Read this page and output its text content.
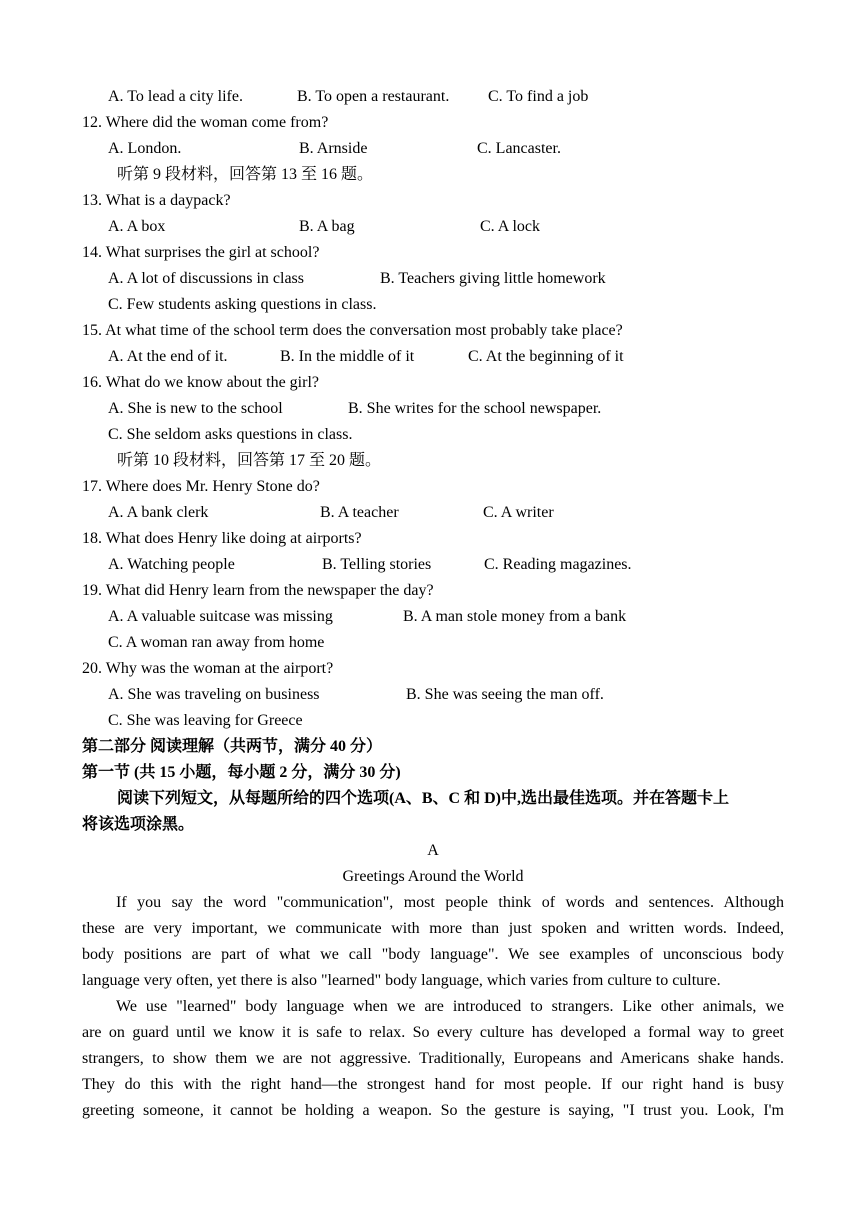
A. To lead a city life.	B. To open a restaurant. C. To find a job
12. Where did the woman come from?
A. London.	B. Arnside	C. Lancaster.
听第 9 段材料，回答第 13 至 16 题。
13. What is a daypack?
A. A box	B. A bag	C. A lock
14. What surprises the girl at school?
A. A lot of discussions in class	B. Teachers giving little homework
C. Few students asking questions in class.
15. At what time of the school term does the conversation most probably take place?
A. At the end of it.	B. In the middle of it	C. At the beginning of it
16. What do we know about the girl?
A. She is new to the school	B. She writes for the school newspaper.
C. She seldom asks questions in class.
听第 10 段材料，回答第 17 至 20 题。
17. Where does Mr. Henry Stone do?
A. A bank clerk	B. A teacher	C. A writer
18. What does Henry like doing at airports?
A. Watching people	B. Telling stories	C. Reading magazines.
19. What did Henry learn from the newspaper the day?
A. A valuable suitcase was missing	B. A man stole money from a bank
C. A woman ran away from home
20. Why was the woman at the airport?
A. She was traveling on business	B. She was seeing the man off.
C. She was leaving for Greece
第二部分 阅读理解（共两节，满分 40 分）
第一节 (共 15 小题，每小题 2 分，满分 30 分)
阅读下列短文，从每题所给的四个选项(A、B、C 和 D)中,选出最佳选项。并在答题卡上
将该选项涂黑。
A
Greetings Around the World
If you say the word "communication", most people think of words and sentences. Although
these are very important, we communicate with more than just spoken and written words. Indeed,
body positions are part of what we call "body language". We see examples of unconscious body
language very often, yet there is also "learned" body language, which varies from culture to culture.
We use "learned" body language when we are introduced to strangers. Like other animals, we
are on guard until we know it is safe to relax. So every culture has developed a formal way to greet
strangers, to show them we are not aggressive. Traditionally, Europeans and Americans shake hands.
They do this with the right hand—the strongest hand for most people. If our right hand is busy
greeting someone, it cannot be holding a weapon. So the gesture is saying, "I trust you. Look, I'm
